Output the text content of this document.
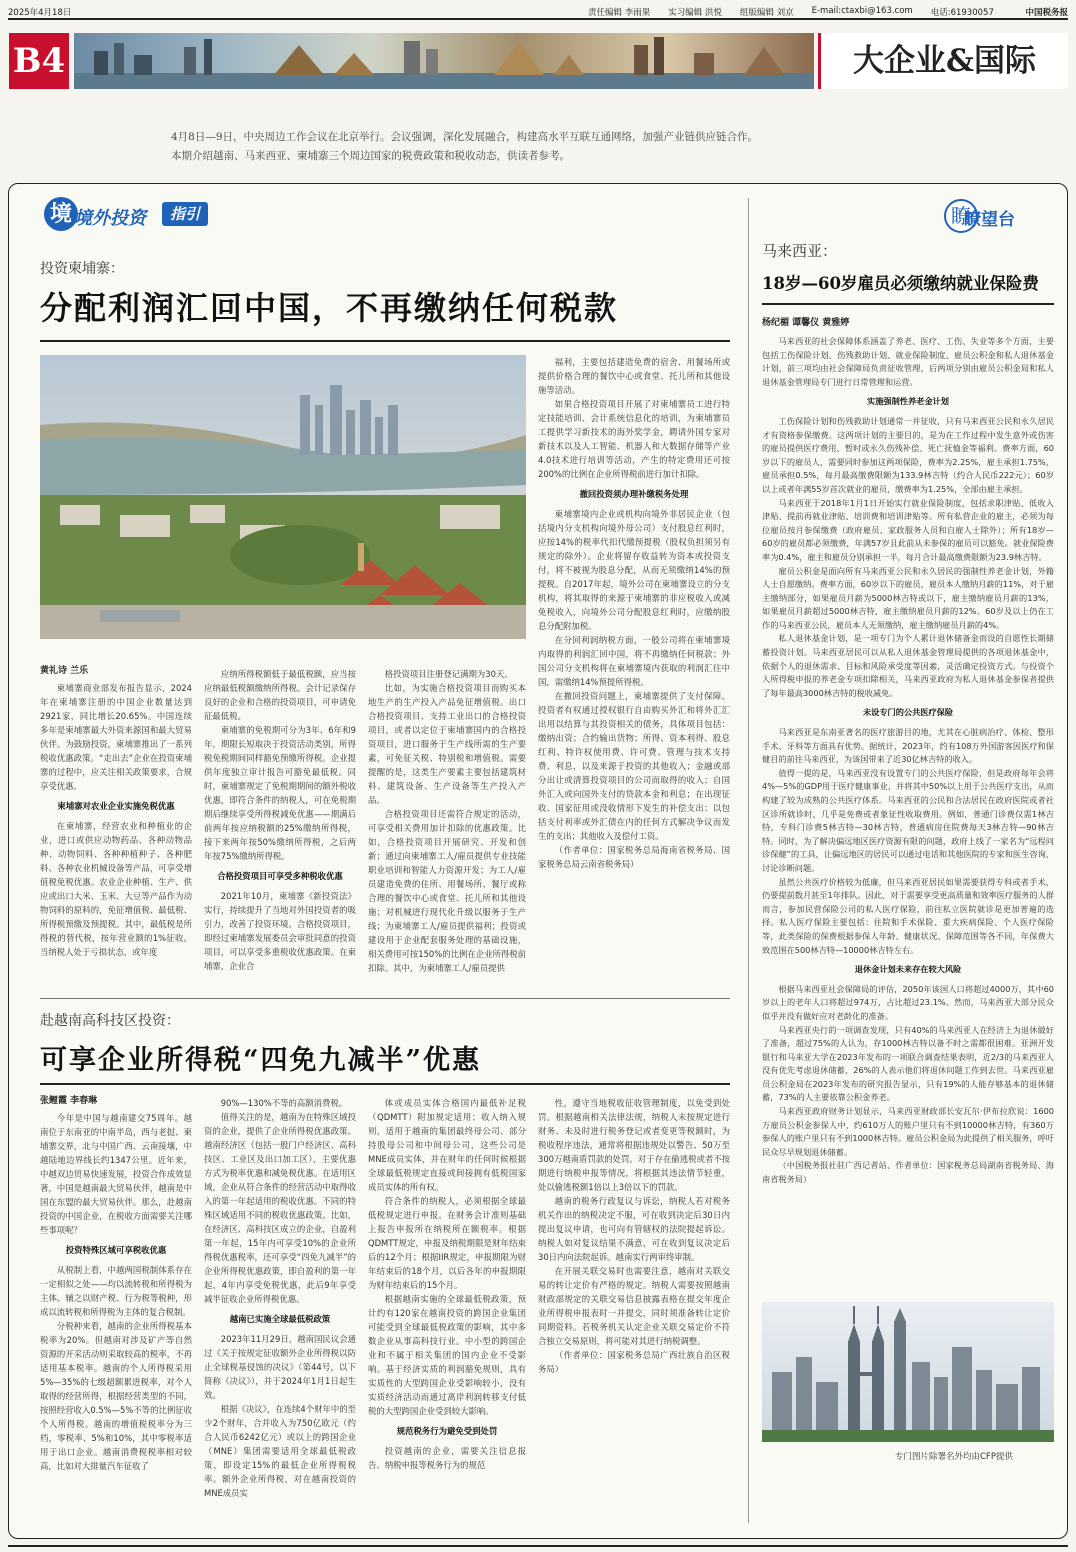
2025年4月18日	责任编辑 李雨果 实习编辑 洪悦 组版编辑 刘京 E-mail:ctaxbi@163.com 电话:61930057	中国税务报
B4	大企业&国际

4月8日—9日，中央周边工作会议在北京举行。会议强调，深化发展融合，构建高水平互联互通网络，加强产业链供应链合作。

本期介绍越南、马来西亚、柬埔寨三个周边国家的税费政策和税收动态，供读者参考。

境 境外投资	指引	瞭
瞭望台
投资柬埔寨：
分配利润汇回中国，不再缴纳任何税款
黄礼诗 兰乐

柬埔寨商业部发布报告显示，2024年在柬埔寨注册的中国企业数量达到2921家，同比增长20.65%。中国连续多年是柬埔寨最大外资来源国和最大贸易伙伴。为鼓励投资，柬埔寨推出了一系列税收优惠政策。“走出去”企业在投资柬埔寨的过程中，应关注相关政策要求，合规享受优惠。

柬埔寨对农业企业实施免税优惠

在柬埔寨，经营农业和种植业的企业，进口或供应动物药品、各种动物品种、动物饲料、各种种植种子、各种肥料、各种农业机械设备等产品，可享受增值税免税优惠。农业企业种植、生产、供应或出口大米、玉米、大豆等产品作为动物饲料的原料的，免征增值税、最低税、所得税预缴及预提税。其中，最低税是所得税的替代税，按年营业额的1%征收。当纳税人处于亏损状态，或年度

应纳所得税额低于最低税额，应当按应纳最低税额缴纳所得税。会计记录保存良好的企业和合格的投资项目，可申请免征最低税。

柬埔寨的免税期可分为3年、6年和9年，期限长短取决于投资活动类别，所得税免税期间同样豁免预缴所得税。企业提供年度独立审计报告可豁免最低税。同时，柬埔寨规定了免税期期间的额外税收优惠，即符合条件的纳税人，可在免税期期后继续享受所得税减免优惠——期满后前两年按应纳税额的25%缴纳所得税，接下来两年按50%缴纳所得税，之后两年按75%缴纳所得税。

合格投资项目可享受多种税收优惠

2021年10月，柬埔寨《新投资法》实行，持续提升了当地对外国投资者的吸引力，改善了投资环境。合格投资项目，即经过柬埔寨发展委员会审批同意的投资项目，可以享受多重税收优惠政策。在柬埔寨，企业合

格投资项目注册登记满期为30天。

比如，为实施合格投资项目而购买本地生产的生产投入产品免征增值税。出口合格投资项目、支持工业出口的合格投资项目，或者以定位于柬埔寨国内的合格投资项目，进口服务于生产线所需的生产要素，可免征关税、特别税和增值税。需要提醒的是，这类生产要素主要包括建筑材料、建筑设备、生产设备等生产投入产品。

合格投资项目还需符合规定的活动，可享受相关费用加计扣除的优惠政策。比如，合格投资项目开展研究、开发和创新；通过向柬埔寨工人/雇员提供专业技能职业培训和智能人力资源开发；为工人/雇员建造免费的住所、用餐场所、餐厅或称合理的餐饮中心或食堂、托儿所和其他设施；对机械进行现代化升级以服务于生产线；为柬埔寨工人/雇员提供福利；投资或建设用于企业配套服务处理的基础设施，相关费用可按150%的比例在企业所得税前扣除。其中，为柬埔寨工人/雇员提供

福利，主要包括建造免费的宿舍、用餐场所或提供价格合理的餐饮中心或食堂、托儿所和其他设施等活动。

如果合格投资项目开展了对柬埔寨员工进行特定技能培训、会计系统信息化的培训，为柬埔寨员工提供学习新技术的海外奖学金，聘请外国专家对新技术以及人工智能、机器人和大数据存储等产业4.0技术进行培训等活动，产生的特定费用还可按200%的比例在企业所得税前进行加计扣除。

撤回投资须办理补缴税务处理

柬埔寨境内企业或机构向境外非居民企业（包括境内分支机构向境外母公司）支付股息红利时，应按14%的税率代扣代缴预提税（股权负担须另有规定的除外）。企业将留存收益转为资本或投资支付，将不被视为股息分配，从而无须缴纳14%的预提税。自2017年起，境外公司在柬埔寨设立的分支机构，将其取得的来源于柬埔寨的非应税收入或减免税收入，向境外公司分配股息红利时，应缴纳股息分配附加税。

在分回利润纳税方面，一般公司将在柬埔寨境内取得的利润汇回中国，将不再缴纳任何税款；外国公司分支机构将在柬埔寨境内获取的利润汇往中国，需缴纳14%预提所得税。

在撤回投资问题上，柬埔寨提供了支付保障。投资者有权通过授权银行自由购买外汇和将外汇汇出用以结算与其投资相关的债务，具体项目包括：缴纳出资；合约输出货物；所得、资本利得、股息红利、特许权使用费、许可费、管理与技术支持费、利息，以及来源于投资的其他收入；金融或部分出让或清算投资项目的公司而取得的收入；自国外汇入或向国外支付的贷款本金和利息；在出现征收、国家征用或没收情形下发生的补偿支出；以包括支付利率或外汇债在内的任何方式解决争议而发生的支出；其他收入及偿付工资。

（作者单位：国家税务总局海南省税务局、国家税务总局云南省税务局）

赴越南高科技区投资：
可享企业所得税“四免九减半”优惠
张鲤霞 李春琳

今年是中国与越南建交75周年。越南位于东南亚的中南半岛，西与老挝、柬埔寨交界，北与中国广西、云南接壤，中越陆地边界线长约1347公里。近年来，中越双边贸易快速发展，投资合作成效显著，中国是越南最大贸易伙伴，越南是中国在东盟的最大贸易伙伴。那么，赴越南投资的中国企业，在税收方面需要关注哪些事项呢？

投资特殊区域可享税收优惠

从税制上看，中越两国税制体系存在一定相似之处——均以流转税和所得税为主体。辅之以财产税、行为税等税种，形成以流转税和所得税为主体的复合税制。

分税种来看，越南的企业所得税基本税率为20%。但越南对涉及矿产等自然资源的开采活动则采取较高的税率，不再适用基本税率。越南的个人所得税采用5%—35%的七级超额累进税率，对个人取得的经营所得，根据经营类型的不同，按照经营收入0.5%—5%不等的比例征收个人所得税。越南的增值税税率分为三档，零税率、5%和10%，其中零税率适用于出口企业。越南消费税税率相对较高，比如对大排量汽车征收了

90%—130%不等的高额消费税。

值得关注的是，越南为在特殊区域投资的企业，提供了企业所得税优惠政策。越南经济区（包括一般门户经济区、高科技区、工业区及出口加工区），主要优惠方式为税率优惠和减免税优惠。在适用区域，企业从符合条件的经营活动中取得收入的第一年起适用的税收优惠。不同的特殊区域适用不同的税收优惠政策。比如，在经济区、高科技区成立的企业，自盈利第一年起，15年内可享受10%的企业所得税优惠税率，还可享受“四免九减半”的企业所得税优惠政策，即自盈利的第一年起，4年内享受免税优惠，此后9年享受减半征收企业所得税优惠。

越南已实施全球最低税政策

2023年11月29日，越南国民议会通过《关于按规定征收额外企业所得税以防止全球税基侵蚀的决议》（第44号，以下简称《决议》），并于2024年1月1日起生效。

根据《决议》，在连续4个财年中的至少2个财年，合并收入为750亿欧元（约合人民币6242亿元）或以上的跨国企业（MNE）集团需要适用全球最低税政策，即设定15%的最低企业所得税税率。额外企业所得税，对在越南投资的MNE成员实

体或成员实体合格国内最低补足税（QDMTT）附加规定适用；收入纳入规则，适用于越南的集团最终母公司、部分持股母公司和中间母公司，这些公司是MNE成员实体，并在财年的任何时候根据全球最低税规定直接或间接拥有低税国家成员实体的所有权。

符合条件的纳税人，必须根据全球最低税规定进行申报。在财务会计准则基础上报告申报所在纳税所在额税率。根据QDMTT规定，申报及纳税期限是财年结束后的12个月；根据IIR规定，申报期限为财年结束后的18个月，以后各年的申报期限为财年结束后的15个月。

根据越南实施的全球最低税政策，预计约有120家在越南投资的跨国企业集团可能受到全球最低税政策的影响，其中多数企业从事高科技行业。中小型的跨国企业和不属于相关集团的国内企业不受影响。基于经济实质的利润豁免规则，具有实质性的大型跨国企业受影响较小，没有实质经济活动而通过离岸利润转移支付低税的大型跨国企业受到较大影响。

规范税务行为避免受到处罚

投资越南的企业，需要关注信息报告、纳税申报等税务行为的规范

性，遵守当地税收征收管理制度，以免受到处罚。根据越南相关法律法规，纳税人未按规定进行财务、未及时进行税务登记或者变更等税额时，为税收程序违法，通常将根据违规处以警告、50万至300万越南盾罚款的处罚。对于存在偷逃税或者不按期进行纳税申报等情况，将根据其违法情节轻重，处以偷逃税额1倍以上3倍以下的罚款。

越南的税务行政复议与诉讼，纳税人若对税务机关作出的纳税决定不服，可在收到决定后30日内提出复议申请，也可向有管辖权的法院提起诉讼。纳税人如对复议结果不满意，可在收到复议决定后30日内向法院起诉。越南实行两审终审制。

在开展关联交易时也需要注意，越南对关联交易的转让定价有严格的规定。纳税人需要按照越南财政部规定的关联交易信息披露表格在提交年度企业所得税申报表时一并提交，同时须准备转让定价同期资料。若税务机关认定企业关联交易定价不符合独立交易原则，将可能对其进行纳税调整。

（作者单位：国家税务总局广西壮族自治区税务局）

马来西亚：
18岁—60岁雇员必须缴纳就业保险费
杨纪楣 谭馨仪 黄雅婷

马来西亚的社会保障体系涵盖了养老、医疗、工伤、失业等多个方面，主要包括工伤保险计划、伤残救助计划、就业保险制度、雇员公积金和私人退休基金计划，前三项均由社会保障局负责征收管理，后两项分别由雇员公积金局和私人退休基金管理局专门进行日常管理和运营。

实施强制性养老金计划

工伤保险计划和伤残救助计划通常一并征收，只有马来西亚公民和永久居民才有资格参保缴费。这两项计划的主要目的，是为在工作过程中发生意外或伤害的雇员提供医疗费用、暂时或永久伤残补偿、死亡抚恤金等福利。费率方面，60岁以下的雇员人，需要同时参加这两项保险，费率为2.25%，雇主承担1.75%，雇员承担0.5%，每月最高缴费限额为133.9林吉特（约合人民币222元）；60岁以上或者年满55岁首次就业的雇员，缴费率为1.25%，全部由雇主承担。

马来西亚于2018年1月1日开始实行就业保险制度，包括求职津贴、低收入津贴、提前再就业津贴、培训费和培训津贴等。所有私营企业的雇主，必须为每位雇员按月参保缴费（政府雇员、家政服务人员和自雇人士除外）；所有18岁—60岁的雇员都必须缴费，年满57岁且此前从未参保的雇员可以豁免。就业保险费率为0.4%，雇主和雇员分别承担一半，每月合计最高缴费限额为23.9林吉特。

雇员公积金是面向所有马来西亚公民和永久居民的强制性养老金计划，外籍人士自愿缴纳。费率方面，60岁以下的雇员，雇员本人缴纳月薪的11%，对于雇主缴纳部分，如果雇员月薪为5000林吉特或以下，雇主缴纳雇员月薪的13%，如果雇员月薪超过5000林吉特，雇主缴纳雇员月薪的12%。60岁及以上仍在工作的马来西亚公民，雇员本人无须缴纳，雇主缴纳雇员月薪的4%。

私人退休基金计划，是一项专门为个人累计退休储备金而设的自愿性长期储蓄投资计划。马来西亚居民可以从私人退休基金管理局提供的各项退休基金中，依据个人的退休需求、目标和风险承受度等因素，灵活确定投资方式。与投资个人所得税申报的养老金专项扣除相关，马来西亚政府为私人退休基金参保者提供了每年最高3000林吉特的税收减免。

未设专门的公共医疗保险

马来西亚是东南亚著名的医疗旅游目的地，尤其在心脏病治疗、体检、整形手术、牙科等方面具有优势。据统计，2023年，约有108万外国游客因医疗和保健目的前往马来西亚，为该国带来了近30亿林吉特的收入。

值得一提的是，马来西亚没有设置专门的公共医疗保险，但是政府每年会将4%—5%的GDP用于医疗健康事业，并将其中50%以上用于公共医疗支出，从而构建了较为成熟的公共医疗体系。马来西亚的公民和合法居民在政府医院或者社区诊所就诊时，几乎是免费或者象征性收取费用。例如，普通门诊费仅需1林吉特，专科门诊费5林吉特—30林吉特，普通病房住院费每天3林吉特—90林吉特。同时，为了解决偏远地区医疗资源有限的问题，政府上线了一家名为“远程问诊保健”的工具，让偏远地区的居民可以通过电话和其他医院的专家和医生咨询、讨论诊断问题。

虽然公共医疗价格较为低廉，但马来西亚居民如果需要获得专科或者手术，仍要提前数月甚至1年排队。因此，对于需要享受更高质量和效率医疗服务的人群而言，参加民营保险公司的私人医疗保险，前往私立医院就诊是更加普遍的选择。私人医疗保险主要包括：住院和手术保险、重大疾病保险、个人医疗保险等，此类保险的保费根据参保人年龄、健康状况、保障范围等各不同，年保费大致范围在500林吉特—10000林吉特左右。

退休金计划未来存在较大风险

根据马来西亚社会保障局的评估，2050年该国人口将超过4000万，其中60岁以上的老年人口将超过974万，占比超过23.1%。然而，马来西亚大部分民众似乎并没有做好应对老龄化的准备。

马来西亚央行的一项调查发现，只有40%的马来西亚人在经济上为退休做好了准备，超过75%的人认为，存1000林吉特以备不时之需都很困难。亚洲开发银行和马来亚大学在2023年发布的一项联合调查结果表明，近2/3的马来西亚人没有优先考虑退休储蓄，26%的人表示他们将退休问题工作到去世。马来西亚雇员公积金局在2023年发布的研究报告显示，只有19%的人能存够基本的退休储蓄，73%的人主要依靠公积金养老。

马来西亚政府财务计划显示，马来西亚财政部长安瓦尔·伊布拉欣说：1600万雇员公积金参保人中，约610万人的账户里只有不到10000林吉特，有360万参保人的账户里只有不到1000林吉特。雇员公积金局为此提供了相关服务，呼吁民众尽早规划退休储蓄。

（中国税务报社驻广西记者站、作者单位：国家税务总局湖南省税务局、海南省税务局）

专门图片除署名外均由CFP提供
